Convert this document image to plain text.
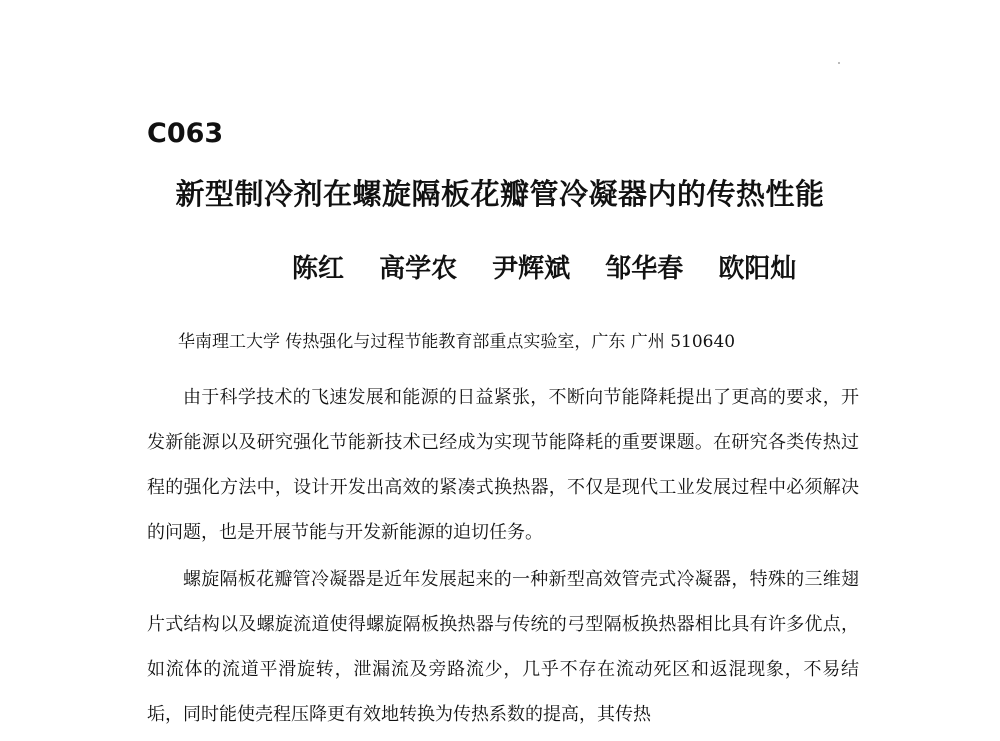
C063
新型制冷剂在螺旋隔板花瓣管冷凝器内的传热性能
陈红 高学农 尹辉斌 邹华春 欧阳灿
华南理工大学 传热强化与过程节能教育部重点实验室，广东 广州 510640

由于科学技术的飞速发展和能源的日益紧张，不断向节能降耗提出了更高的要求，开发新能源以及研究强化节能新技术已经成为实现节能降耗的重要课题。在研究各类传热过程的强化方法中，设计开发出高效的紧凑式换热器，不仅是现代工业发展过程中必须解决的问题，也是开展节能与开发新能源的迫切任务。

螺旋隔板花瓣管冷凝器是近年发展起来的一种新型高效管壳式冷凝器，特殊的三维翅片式结构以及螺旋流道使得螺旋隔板换热器与传统的弓型隔板换热器相比具有许多优点，如流体的流道平滑旋转，泄漏流及旁路流少，几乎不存在流动死区和返混现象，不易结垢，同时能使壳程压降更有效地转换为传热系数的提高，其传热
